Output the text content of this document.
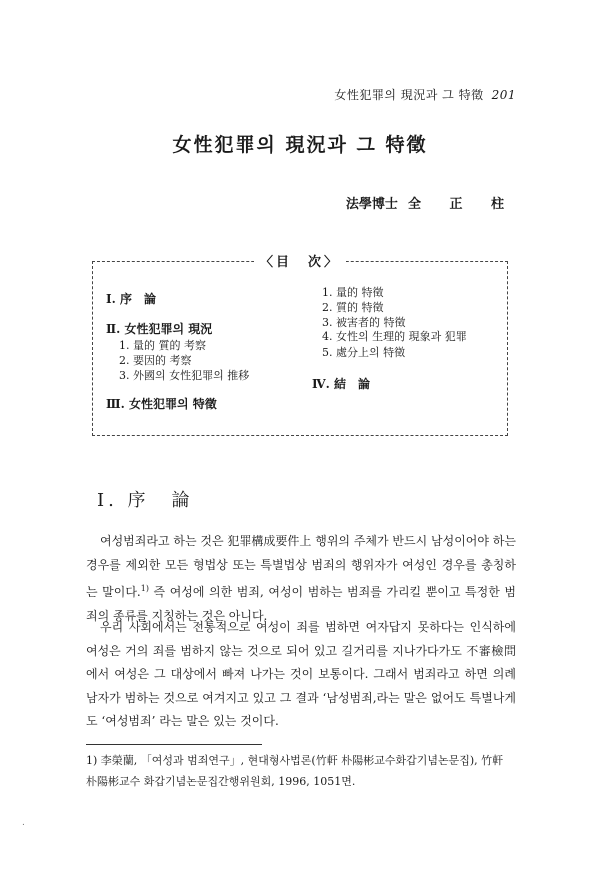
女性犯罪의 現況과 그 特徵 201
女性犯罪의 現況과 그 特徵
法學博士 全 正 柱
〈目　次〉
Ⅰ. 序　論
Ⅱ. 女性犯罪의 現況
1. 量的 質的 考察
2. 要因的 考察
3. 外國의 女性犯罪의 推移
Ⅲ. 女性犯罪의 特徵
1. 量的 特徵
2. 質的 特徵
3. 被害者的 特徵
4. 女性의 生理的 現象과 犯罪
5. 處分上의 特徵
Ⅳ. 結　論
Ⅰ. 序　論
여성범죄라고 하는 것은 犯罪構成要件上 행위의 주체가 반드시 남성이어야 하는 경우를 제외한 모든 형법상 또는 특별법상 범죄의 행위자가 여성인 경우를 총칭하는 말이다.$^{1)}$ 즉 여성에 의한 범죄, 여성이 범하는 범죄를 가리킬 뿐이고 특정한 범죄의 종류를 지칭하는 것은 아니다.
우리 사회에서는 전통적으로 여성이 죄를 범하면 여자답지 못하다는 인식하에 여성은 거의 죄를 범하지 않는 것으로 되어 있고 길거리를 지나가다가도 不審檢問에서 여성은 그 대상에서 빠져 나가는 것이 보통이다. 그래서 범죄라고 하면 의례 남자가 범하는 것으로 여겨지고 있고 그 결과 ‘남성범죄,라는 말은 없어도 특별나게도 ‘여성범죄’ 라는 말은 있는 것이다.
1) 李榮蘭, 「여성과 범죄연구」, 현대형사법론(竹軒 朴陽彬교수화갑기념논문집), 竹軒 朴陽彬교수 화갑기념논문집간행위원회, 1996, 1051면.
.
